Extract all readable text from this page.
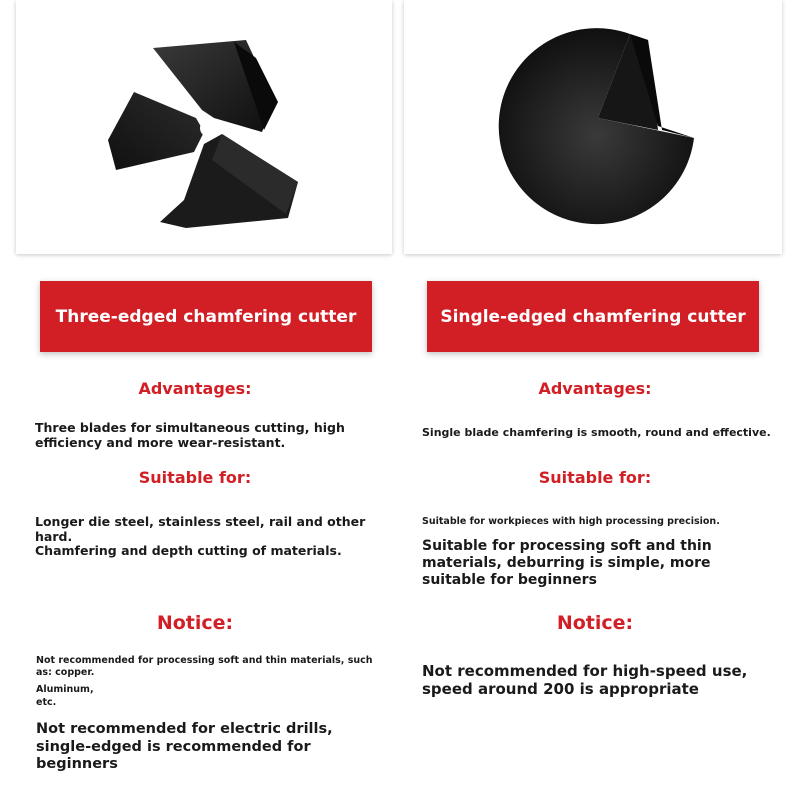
Three-edged chamfering cutter	Single-edged chamfering cutter
Advantages:
Three blades for simultaneous cutting, high efficiency and more wear-resistant.
Suitable for:
Longer die steel, stainless steel, rail and other hard.
Chamfering and depth cutting of materials.
Notice:
Not recommended for processing soft and thin materials, such as: copper.
Aluminum,
etc.
Not recommended for electric drills, single-edged is recommended for beginners
Advantages:
Single blade chamfering is smooth, round and effective.
Suitable for:
Suitable for workpieces with high processing precision.
Suitable for processing soft and thin materials, deburring is simple, more suitable for beginners
Notice:
Not recommended for high-speed use, speed around 200 is appropriate
